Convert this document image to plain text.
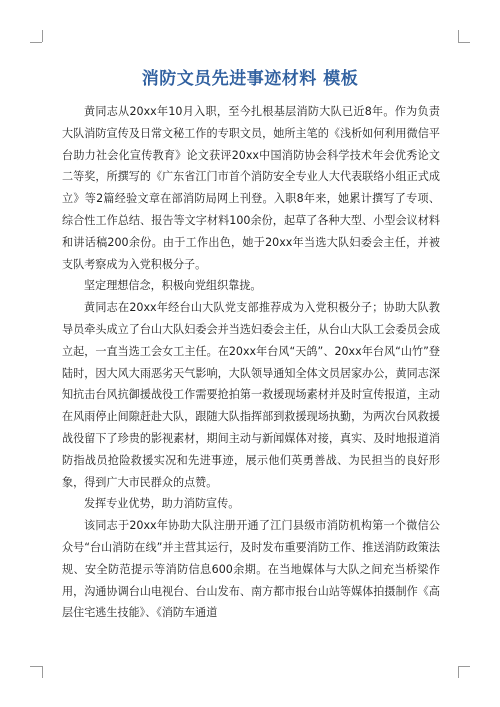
消防文员先进事迹材料 模板

黄同志从20xx年10月入职，至今扎根基层消防大队已近8年。作为负责大队消防宣传及日常文秘工作的专职文员，她所主笔的《浅析如何利用微信平台助力社会化宣传教育》论文获评20xx中国消防协会科学技术年会优秀论文二等奖，所撰写的《广东省江门市首个消防安全专业人大代表联络小组正式成立》等2篇经验文章在部消防局网上刊登。入职8年来，她累计撰写了专项、综合性工作总结、报告等文字材料100余份，起草了各种大型、小型会议材料和讲话稿200余份。由于工作出色，她于20xx年当选大队妇委会主任，并被支队考察成为入党积极分子。

坚定理想信念，积极向党组织靠拢。

黄同志在20xx年经台山大队党支部推荐成为入党积极分子；协助大队教导员牵头成立了台山大队妇委会并当选妇委会主任，从台山大队工会委员会成立起，一直当选工会女工主任。在20xx年台风“天鸽”、20xx年台风“山竹”登陆时，因大风大雨恶劣天气影响，大队领导通知全体文员居家办公，黄同志深知抗击台风抗御援战役工作需要抢拍第一救援现场素材并及时宣传报道，主动在风雨停止间隙赶赴大队，跟随大队指挥部到救援现场执勤，为两次台风救援战役留下了珍贵的影视素材，期间主动与新闻媒体对接，真实、及时地报道消防指战员抢险救援实况和先进事迹，展示他们英勇善战、为民担当的良好形象，得到广大市民群众的点赞。

发挥专业优势，助力消防宣传。

该同志于20xx年协助大队注册开通了江门县级市消防机构第一个微信公众号“台山消防在线”并主营其运行，及时发布重要消防工作、推送消防政策法规、安全防范提示等消防信息600余期。在当地媒体与大队之间充当桥梁作用，沟通协调台山电视台、台山发布、南方都市报台山站等媒体拍摄制作《高层住宅逃生技能》、《消防车通道
